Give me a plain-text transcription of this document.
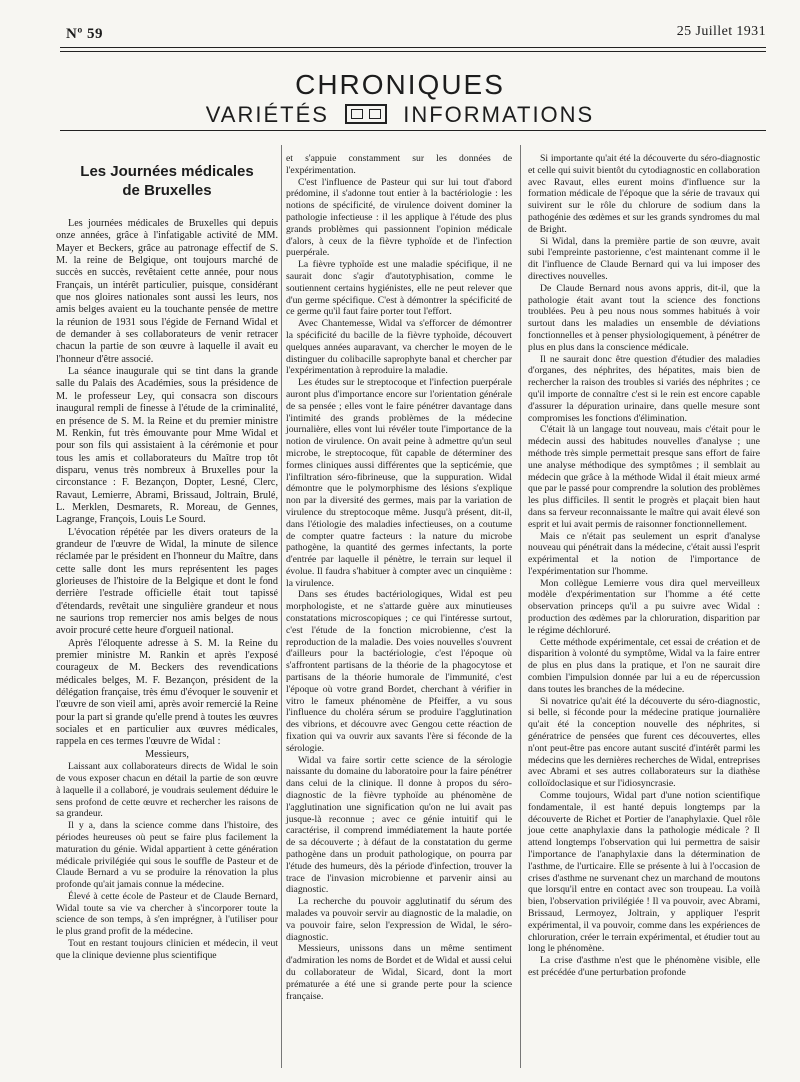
Nº 59	25 Juillet 1931
CHRONIQUES
VARIÉTÉS	INFORMATIONS
Les Journées médicales
de Bruxelles

Les journées médicales de Bruxelles qui depuis onze années, grâce à l'infatigable activité de MM. Mayer et Beckers, grâce au patronage effectif de S. M. la reine de Belgique, ont toujours marché de succès en succès, revêtaient cette année, pour nous Français, un intérêt particulier, puisque, considérant que nos gloires nationales sont aussi les leurs, nos amis belges avaient eu la touchante pensée de mettre la réunion de 1931 sous l'égide de Fernand Widal et de demander à ses collaborateurs de venir retracer chacun la partie de son œuvre à laquelle il avait eu l'honneur d'être associé.

La séance inaugurale qui se tint dans la grande salle du Palais des Académies, sous la présidence de M. le professeur Ley, qui consacra son discours inaugural rempli de finesse à l'étude de la criminalité, en présence de S. M. la Reine et du premier ministre M. Renkin, fut très émouvante pour Mme Widal et pour son fils qui assistaient à la cérémonie et pour tous les amis et collaborateurs du Maître trop tôt disparu, venus très nombreux à Bruxelles pour la circonstance : F. Bezançon, Dopter, Lesné, Clerc, Ravaut, Lemierre, Abrami, Brissaud, Joltrain, Brulé, L. Merklen, Desmarets, R. Moreau, de Gennes, Lagrange, François, Louis Le Sourd.

L'évocation répétée par les divers orateurs de la grandeur de l'œuvre de Widal, la minute de silence réclamée par le président en l'honneur du Maître, dans cette salle dont les murs représentent les pages glorieuses de l'histoire de la Belgique et dont le fond derrière l'estrade officielle était tout tapissé d'étendards, revêtait une singulière grandeur et nous ne saurions trop remercier nos amis belges de nous avoir procuré cette heure d'orgueil national.

Après l'éloquente adresse à S. M. la Reine du premier ministre M. Rankin et après l'exposé courageux de M. Beckers des revendications médicales belges, M. F. Bezançon, président de la délégation française, très ému d'évoquer le souvenir et l'œuvre de son vieil ami, après avoir remercié la Reine pour la part si grande qu'elle prend à toutes les œuvres sociales et en particulier aux œuvres médicales, rappela en ces termes l'œuvre de Widal :

Messieurs,

Laissant aux collaborateurs directs de Widal le soin de vous exposer chacun en détail la partie de son œuvre à laquelle il a collaboré, je voudrais seulement déduire le sens profond de cette œuvre et rechercher les raisons de sa grandeur.

Il y a, dans la science comme dans l'histoire, des périodes heureuses où peut se faire plus facilement la maturation du génie. Widal appartient à cette génération médicale privilégiée qui sous le souffle de Pasteur et de Claude Bernard a vu se produire la rénovation la plus profonde qu'ait jamais connue la médecine.

Élevé à cette école de Pasteur et de Claude Bernard, Widal toute sa vie va chercher à s'incorporer toute la science de son temps, à s'en imprégner, à l'utiliser pour le plus grand profit de la médecine.

Tout en restant toujours clinicien et médecin, il veut que la clinique devienne plus scientifique

et s'appuie constamment sur les données de l'expérimentation.

C'est l'influence de Pasteur qui sur lui tout d'abord prédomine, il s'adonne tout entier à la bactériologie : les notions de spécificité, de virulence doivent dominer la pathologie infectieuse : il les applique à l'étude des plus grands problèmes qui passionnent l'opinion médicale d'alors, à ceux de la fièvre typhoïde et de l'infection puerpérale.

La fièvre typhoïde est une maladie spécifique, il ne saurait donc s'agir d'autotyphisation, comme le soutiennent certains hygiénistes, elle ne peut relever que d'un germe spécifique. C'est à démontrer la spécificité de ce germe qu'il faut faire porter tout l'effort.

Avec Chantemesse, Widal va s'efforcer de démontrer la spécificité du bacille de la fièvre typhoïde, découvert quelques années auparavant, va chercher le moyen de le distinguer du colibacille saprophyte banal et chercher par l'expérimentation à reproduire la maladie.

Les études sur le streptocoque et l'infection puerpérale auront plus d'importance encore sur l'orientation générale de sa pensée ; elles vont le faire pénétrer davantage dans l'intimité des grands problèmes de la médecine journalière, elles vont lui révéler toute l'importance de la notion de virulence. On avait peine à admettre qu'un seul microbe, le streptocoque, fût capable de déterminer des formes cliniques aussi différentes que la septicémie, que l'infiltration séro-fibrineuse, que la suppuration. Widal démontre que le polymorphisme des lésions s'explique non par la diversité des germes, mais par la variation de virulence du streptocoque même. Jusqu'à présent, dit-il, dans l'étiologie des maladies infectieuses, on a coutume de compter quatre facteurs : la nature du microbe pathogène, la quantité des germes infectants, la porte d'entrée par laquelle il pénètre, le terrain sur lequel il évolue. Il faudra s'habituer à compter avec un cinquième : la virulence.

Dans ses études bactériologiques, Widal est peu morphologiste, et ne s'attarde guère aux minutieuses constatations microscopiques ; ce qui l'intéresse surtout, c'est l'étude de la fonction microbienne, c'est la reproduction de la maladie. Des voies nouvelles s'ouvrent d'ailleurs pour la bactériologie, c'est l'époque où s'affrontent partisans de la théorie de la phagocytose et partisans de la théorie humorale de l'immunité, c'est l'époque où votre grand Bordet, cherchant à vérifier in vitro le fameux phénomène de Pfeiffer, a vu sous l'influence du choléra sérum se produire l'agglutination des vibrions, et découvre avec Gengou cette réaction de fixation qui va ouvrir aux savants l'ère si féconde de la sérologie.

Widal va faire sortir cette science de la sérologie naissante du domaine du laboratoire pour la faire pénétrer dans celui de la clinique. Il donne à propos du séro-diagnostic de la fièvre typhoïde au phénomène de l'agglutination une signification qu'on ne lui avait pas jusque-là reconnue ; avec ce génie intuitif qui le caractérise, il comprend immédiatement la haute portée de sa découverte ; à défaut de la constatation du germe pathogène dans un produit pathologique, on pourra par l'étude des humeurs, dès la période d'infection, trouver la trace de l'invasion microbienne et parvenir ainsi au diagnostic.

La recherche du pouvoir agglutinatif du sérum des malades va pouvoir servir au diagnostic de la maladie, on va pouvoir faire, selon l'expression de Widal, le séro-diagnostic.

Messieurs, unissons dans un même sentiment d'admiration les noms de Bordet et de Widal et aussi celui du collaborateur de Widal, Sicard, dont la mort prématurée a été une si grande perte pour la science française.

Si importante qu'ait été la découverte du séro-diagnostic et celle qui suivit bientôt du cytodiagnostic en collaboration avec Ravaut, elles eurent moins d'influence sur la formation médicale de l'époque que la série de travaux qui suivirent sur le rôle du chlorure de sodium dans la pathogénie des œdèmes et sur les grands syndromes du mal de Bright.

Si Widal, dans la première partie de son œuvre, avait subi l'empreinte pastorienne, c'est maintenant comme il le dit l'influence de Claude Bernard qui va lui imposer des directives nouvelles.

De Claude Bernard nous avons appris, dit-il, que la pathologie était avant tout la science des fonctions troublées. Peu à peu nous nous sommes habitués à voir surtout dans les maladies un ensemble de déviations fonctionnelles et à penser physiologiquement, à pénétrer de plus en plus dans la conscience médicale.

Il ne saurait donc être question d'étudier des maladies d'organes, des néphrites, des hépatites, mais bien de rechercher la raison des troubles si variés des néphrites ; ce qu'il importe de connaître c'est si le rein est encore capable d'assurer la dépuration urinaire, dans quelle mesure sont compromises les fonctions d'élimination.

C'était là un langage tout nouveau, mais c'était pour le médecin aussi des habitudes nouvelles d'analyse ; une méthode très simple permettait presque sans effort de faire une analyse méthodique des symptômes ; il semblait au médecin que grâce à la méthode Widal il était mieux armé que par le passé pour comprendre la solution des problèmes les plus difficiles. Il sentit le progrès et plaçait bien haut dans sa ferveur reconnaissante le maître qui avait élevé son esprit et lui avait permis de raisonner fonctionnellement.

Mais ce n'était pas seulement un esprit d'analyse nouveau qui pénétrait dans la médecine, c'était aussi l'esprit expérimental et la notion de l'importance de l'expérimentation sur l'homme.

Mon collègue Lemierre vous dira quel merveilleux modèle d'expérimentation sur l'homme a été cette observation princeps qu'il a pu suivre avec Widal : production des œdèmes par la chloruration, disparition par le régime déchloruré.

Cette méthode expérimentale, cet essai de création et de disparition à volonté du symptôme, Widal va la faire entrer de plus en plus dans la pratique, et l'on ne saurait dire combien l'impulsion donnée par lui a eu de répercussion dans toutes les branches de la médecine.

Si novatrice qu'ait été la découverte du séro-diagnostic, si belle, si féconde pour la médecine pratique journalière qu'ait été la conception nouvelle des néphrites, si génératrice de pensées que furent ces découvertes, elles n'ont peut-être pas encore autant suscité d'intérêt parmi les médecins que les dernières recherches de Widal, entreprises avec Abrami et ses autres collaborateurs sur la diathèse colloïdoclasique et sur l'idiosyncrasie.

Comme toujours, Widal part d'une notion scientifique fondamentale, il est hanté depuis longtemps par la découverte de Richet et Portier de l'anaphylaxie. Quel rôle joue cette anaphylaxie dans la pathologie médicale ? Il attend longtemps l'observation qui lui permettra de saisir l'importance de l'anaphylaxie dans la détermination de l'asthme, de l'urticaire. Elle se présente à lui à l'occasion de crises d'asthme ne survenant chez un marchand de moutons que lorsqu'il entre en contact avec son troupeau. La voilà bien, l'observation privilégiée ! Il va pouvoir, avec Abrami, Brissaud, Lermoyez, Joltrain, y appliquer l'esprit expérimental, il va pouvoir, comme dans les expériences de chloruration, créer le terrain expérimental, et étudier tout au long le phénomène.

La crise d'asthme n'est que le phénomène visible, elle est précédée d'une perturbation profonde
